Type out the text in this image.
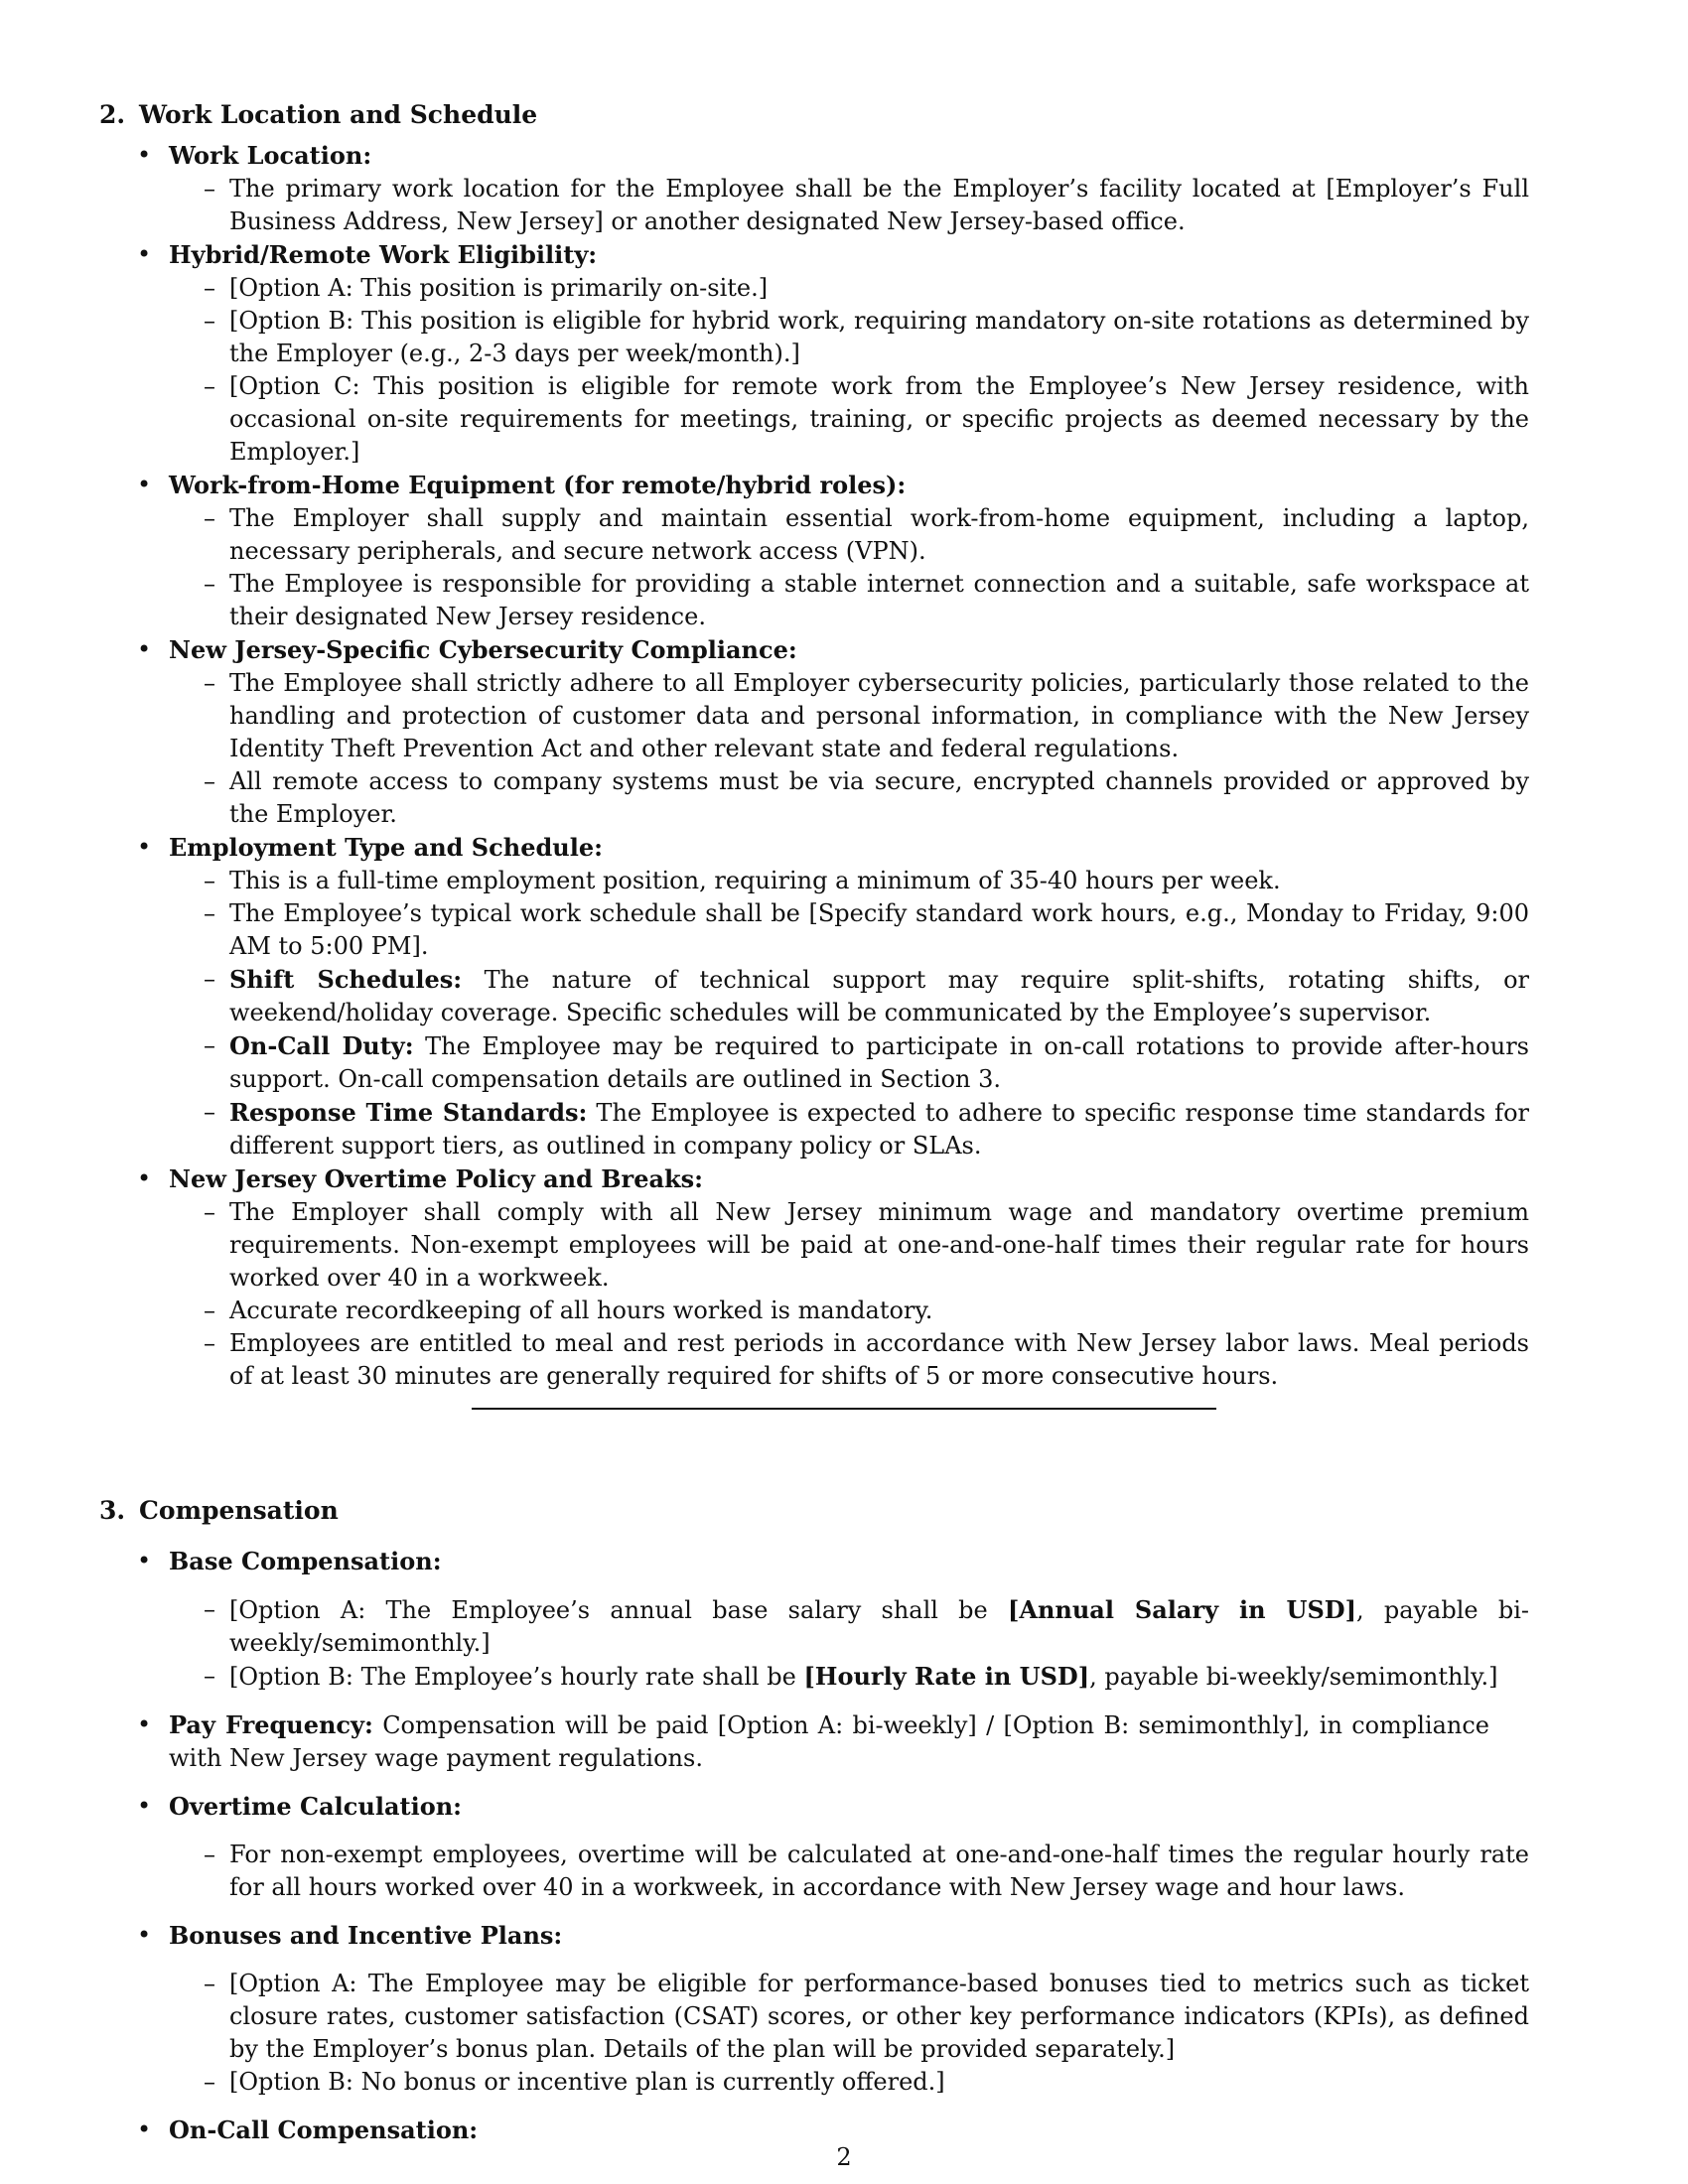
2. Work Location and Schedule
• Work Location:
– The primary work location for the Employee shall be the Employer’s facility located at [Employer’s Full Business Address, New Jersey] or another designated New Jersey-based office.
• Hybrid/Remote Work Eligibility:
– [Option A: This position is primarily on-site.]
– [Option B: This position is eligible for hybrid work, requiring mandatory on-site rotations as determined by the Employer (e.g., 2-3 days per week/month).]
– [Option C: This position is eligible for remote work from the Employee’s New Jersey residence, with occasional on-site requirements for meetings, training, or specific projects as deemed necessary by the Employer.]
• Work-from-Home Equipment (for remote/hybrid roles):
– The Employer shall supply and maintain essential work-from-home equipment, including a laptop, necessary peripherals, and secure network access (VPN).
– The Employee is responsible for providing a stable internet connection and a suitable, safe workspace at their designated New Jersey residence.
• New Jersey-Specific Cybersecurity Compliance:
– The Employee shall strictly adhere to all Employer cybersecurity policies, particularly those related to the handling and protection of customer data and personal information, in compliance with the New Jersey Identity Theft Prevention Act and other relevant state and federal regulations.
– All remote access to company systems must be via secure, encrypted channels provided or approved by the Employer.
• Employment Type and Schedule:
– This is a full-time employment position, requiring a minimum of 35-40 hours per week.
– The Employee’s typical work schedule shall be [Specify standard work hours, e.g., Monday to Friday, 9:00 AM to 5:00 PM].
– Shift Schedules: The nature of technical support may require split-shifts, rotating shifts, or weekend/holiday coverage. Specific schedules will be communicated by the Employee’s supervisor.
– On-Call Duty: The Employee may be required to participate in on-call rotations to provide after-hours support. On-call compensation details are outlined in Section 3.
– Response Time Standards: The Employee is expected to adhere to specific response time standards for different support tiers, as outlined in company policy or SLAs.
• New Jersey Overtime Policy and Breaks:
– The Employer shall comply with all New Jersey minimum wage and mandatory overtime premium requirements. Non-exempt employees will be paid at one-and-one-half times their regular rate for hours worked over 40 in a workweek.
– Accurate recordkeeping of all hours worked is mandatory.
– Employees are entitled to meal and rest periods in accordance with New Jersey labor laws. Meal periods of at least 30 minutes are generally required for shifts of 5 or more consecutive hours.
3. Compensation
• Base Compensation:
– [Option A: The Employee’s annual base salary shall be [Annual Salary in USD], payable bi-weekly/semimonthly.]
– [Option B: The Employee’s hourly rate shall be [Hourly Rate in USD], payable bi-weekly/semimonthly.]
• Pay Frequency: Compensation will be paid [Option A: bi-weekly] / [Option B: semimonthly], in compliance with New Jersey wage payment regulations.
• Overtime Calculation:
– For non-exempt employees, overtime will be calculated at one-and-one-half times the regular hourly rate for all hours worked over 40 in a workweek, in accordance with New Jersey wage and hour laws.
• Bonuses and Incentive Plans:
– [Option A: The Employee may be eligible for performance-based bonuses tied to metrics such as ticket closure rates, customer satisfaction (CSAT) scores, or other key performance indicators (KPIs), as defined by the Employer’s bonus plan. Details of the plan will be provided separately.]
– [Option B: No bonus or incentive plan is currently offered.]
• On-Call Compensation:
2
